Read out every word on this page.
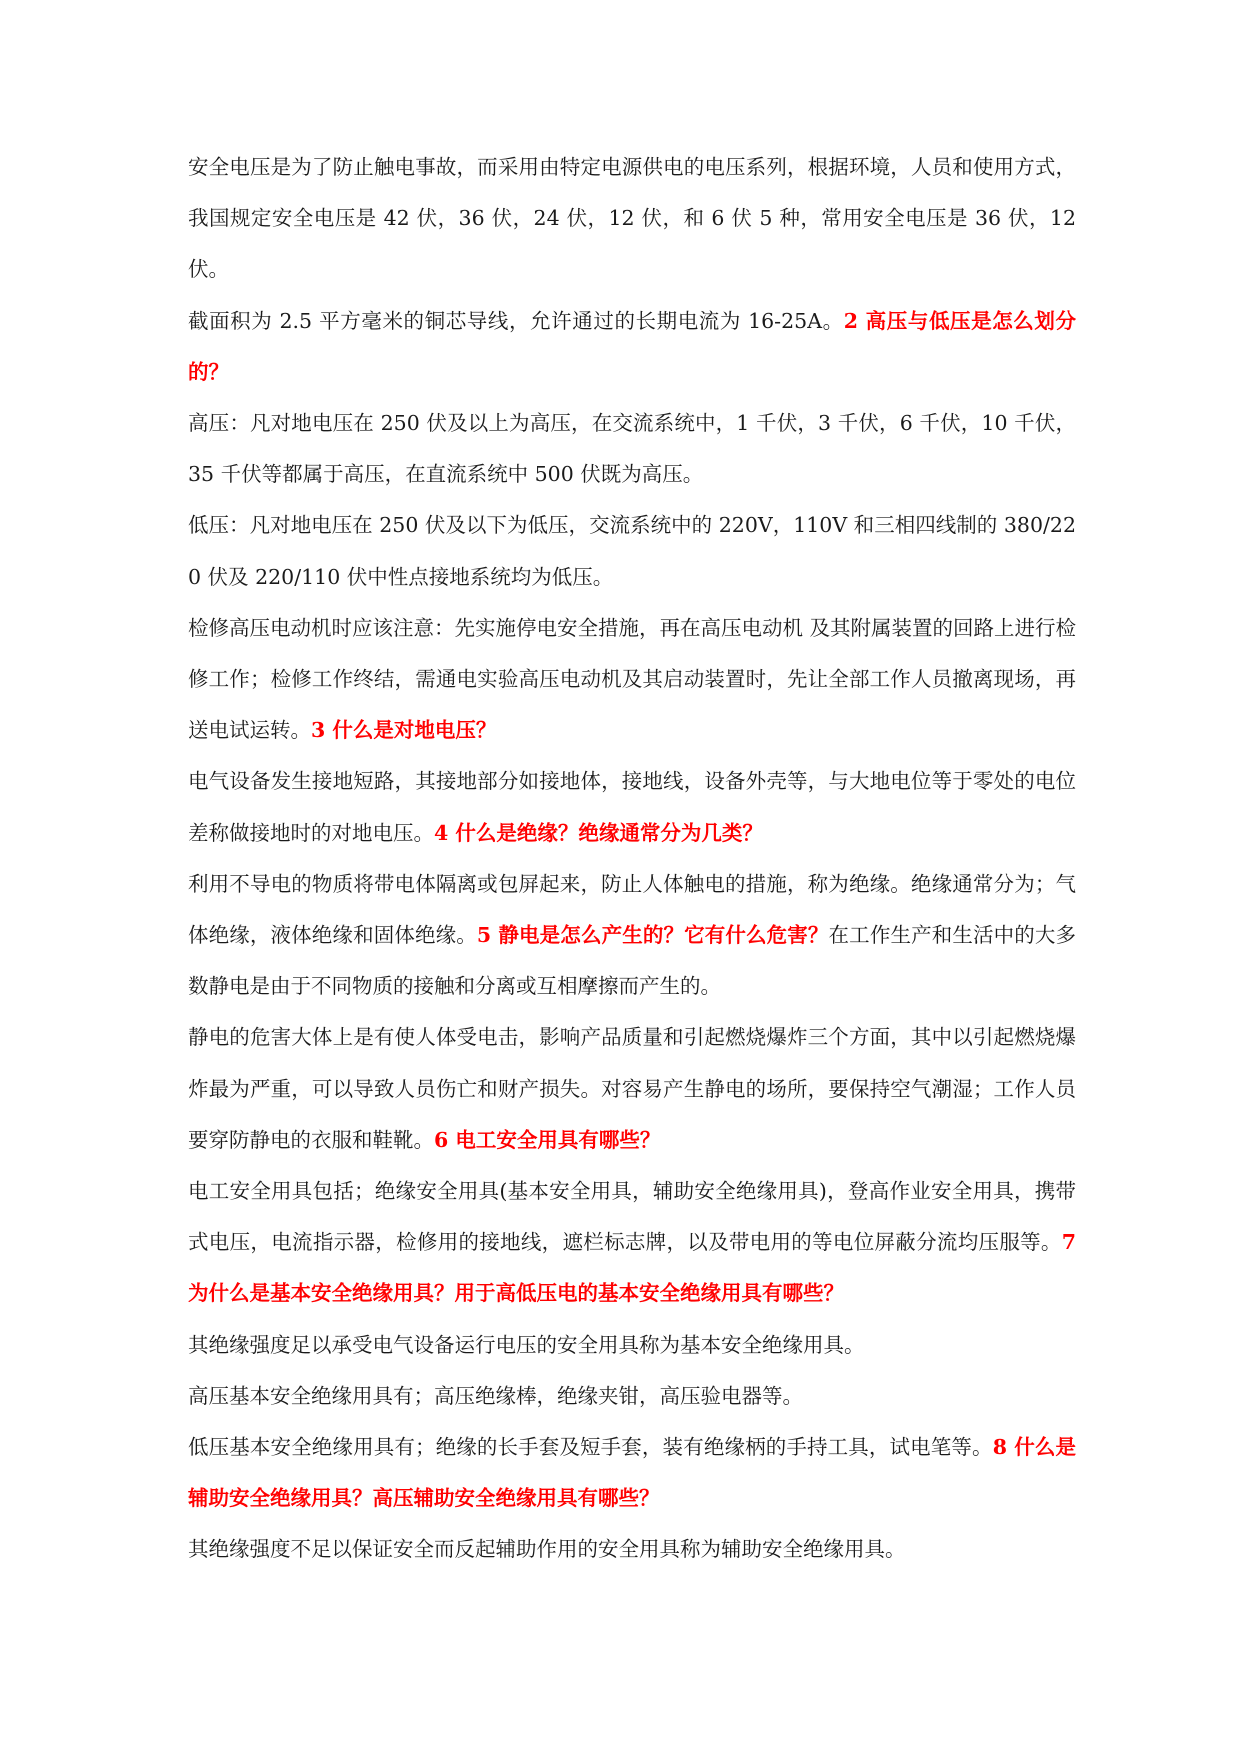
安全电压是为了防止触电事故，而采用由特定电源供电的电压系列，根据环境，人员和使用方式，我国规定安全电压是 42 伏，36 伏，24 伏，12 伏，和 6 伏 5 种，常用安全电压是 36 伏，12 伏。

截面积为 2.5 平方毫米的铜芯导线，允许通过的长期电流为 16-25A。2 高压与低压是怎么划分的？

高压：凡对地电压在 250 伏及以上为高压，在交流系统中，1 千伏，3 千伏，6 千伏，10 千伏，35 千伏等都属于高压，在直流系统中 500 伏既为高压。

低压：凡对地电压在 250 伏及以下为低压，交流系统中的 220V，110V 和三相四线制的 380/220 伏及 220/110 伏中性点接地系统均为低压。

检修高压电动机时应该注意：先实施停电安全措施，再在高压电动机 及其附属装置的回路上进行检修工作；检修工作终结，需通电实验高压电动机及其启动装置时，先让全部工作人员撤离现场，再送电试运转。3 什么是对地电压？

电气设备发生接地短路，其接地部分如接地体，接地线，设备外壳等，与大地电位等于零处的电位差称做接地时的对地电压。4 什么是绝缘？绝缘通常分为几类？

利用不导电的物质将带电体隔离或包屏起来，防止人体触电的措施，称为绝缘。绝缘通常分为；气体绝缘，液体绝缘和固体绝缘。5 静电是怎么产生的？它有什么危害？在工作生产和生活中的大多数静电是由于不同物质的接触和分离或互相摩擦而产生的。

静电的危害大体上是有使人体受电击，影响产品质量和引起燃烧爆炸三个方面，其中以引起燃烧爆炸最为严重，可以导致人员伤亡和财产损失。对容易产生静电的场所，要保持空气潮湿；工作人员要穿防静电的衣服和鞋靴。6 电工安全用具有哪些？

电工安全用具包括；绝缘安全用具(基本安全用具，辅助安全绝缘用具)，登高作业安全用具，携带式电压，电流指示器，检修用的接地线，遮栏标志牌，以及带电用的等电位屏蔽分流均压服等。7 为什么是基本安全绝缘用具？用于高低压电的基本安全绝缘用具有哪些？

其绝缘强度足以承受电气设备运行电压的安全用具称为基本安全绝缘用具。

高压基本安全绝缘用具有；高压绝缘棒，绝缘夹钳，高压验电器等。

低压基本安全绝缘用具有；绝缘的长手套及短手套，装有绝缘柄的手持工具，试电笔等。8 什么是辅助安全绝缘用具？高压辅助安全绝缘用具有哪些？

其绝缘强度不足以保证安全而反起辅助作用的安全用具称为辅助安全绝缘用具。
